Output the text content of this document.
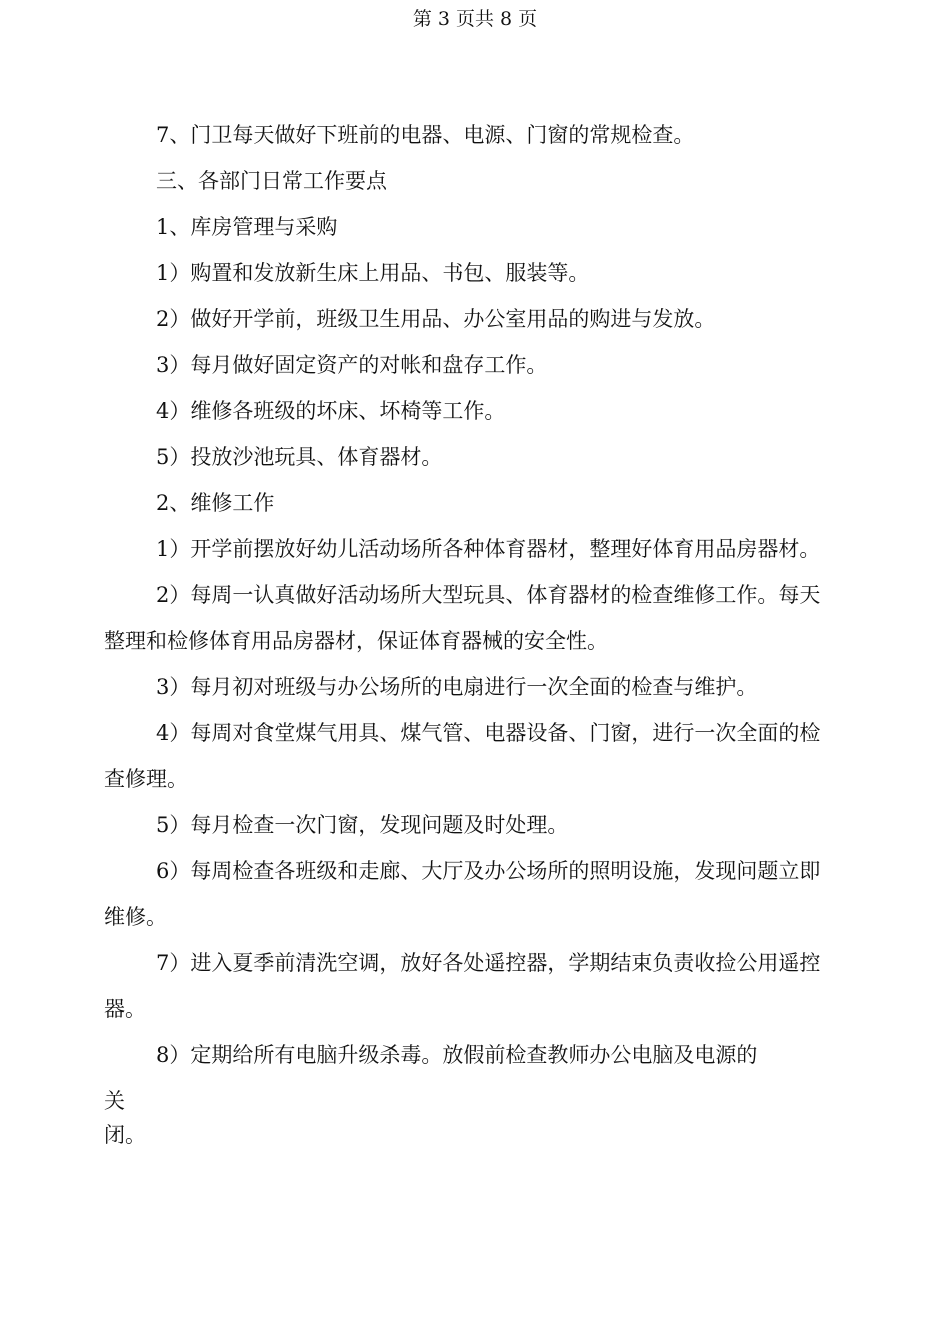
第 3 页共 8 页

7、门卫每天做好下班前的电器、电源、门窗的常规检查。

三、各部门日常工作要点

1、库房管理与采购

1）购置和发放新生床上用品、书包、服装等。

2）做好开学前，班级卫生用品、办公室用品的购进与发放。

3）每月做好固定资产的对帐和盘存工作。

4）维修各班级的坏床、坏椅等工作。

5）投放沙池玩具、体育器材。

2、维修工作

1）开学前摆放好幼儿活动场所各种体育器材，整理好体育用品房器材。

2）每周一认真做好活动场所大型玩具、体育器材的检查维修工作。每天整理和检修体育用品房器材，保证体育器械的安全性。

3）每月初对班级与办公场所的电扇进行一次全面的检查与维护。

4）每周对食堂煤气用具、煤气管、电器设备、门窗，进行一次全面的检查修理。

5）每月检查一次门窗，发现问题及时处理。

6）每周检查各班级和走廊、大厅及办公场所的照明设施，发现问题立即维修。

7）进入夏季前清洗空调，放好各处遥控器，学期结束负责收捡公用遥控器。

8）定期给所有电脑升级杀毒。放假前检查教师办公电脑及电源的

关

闭。
